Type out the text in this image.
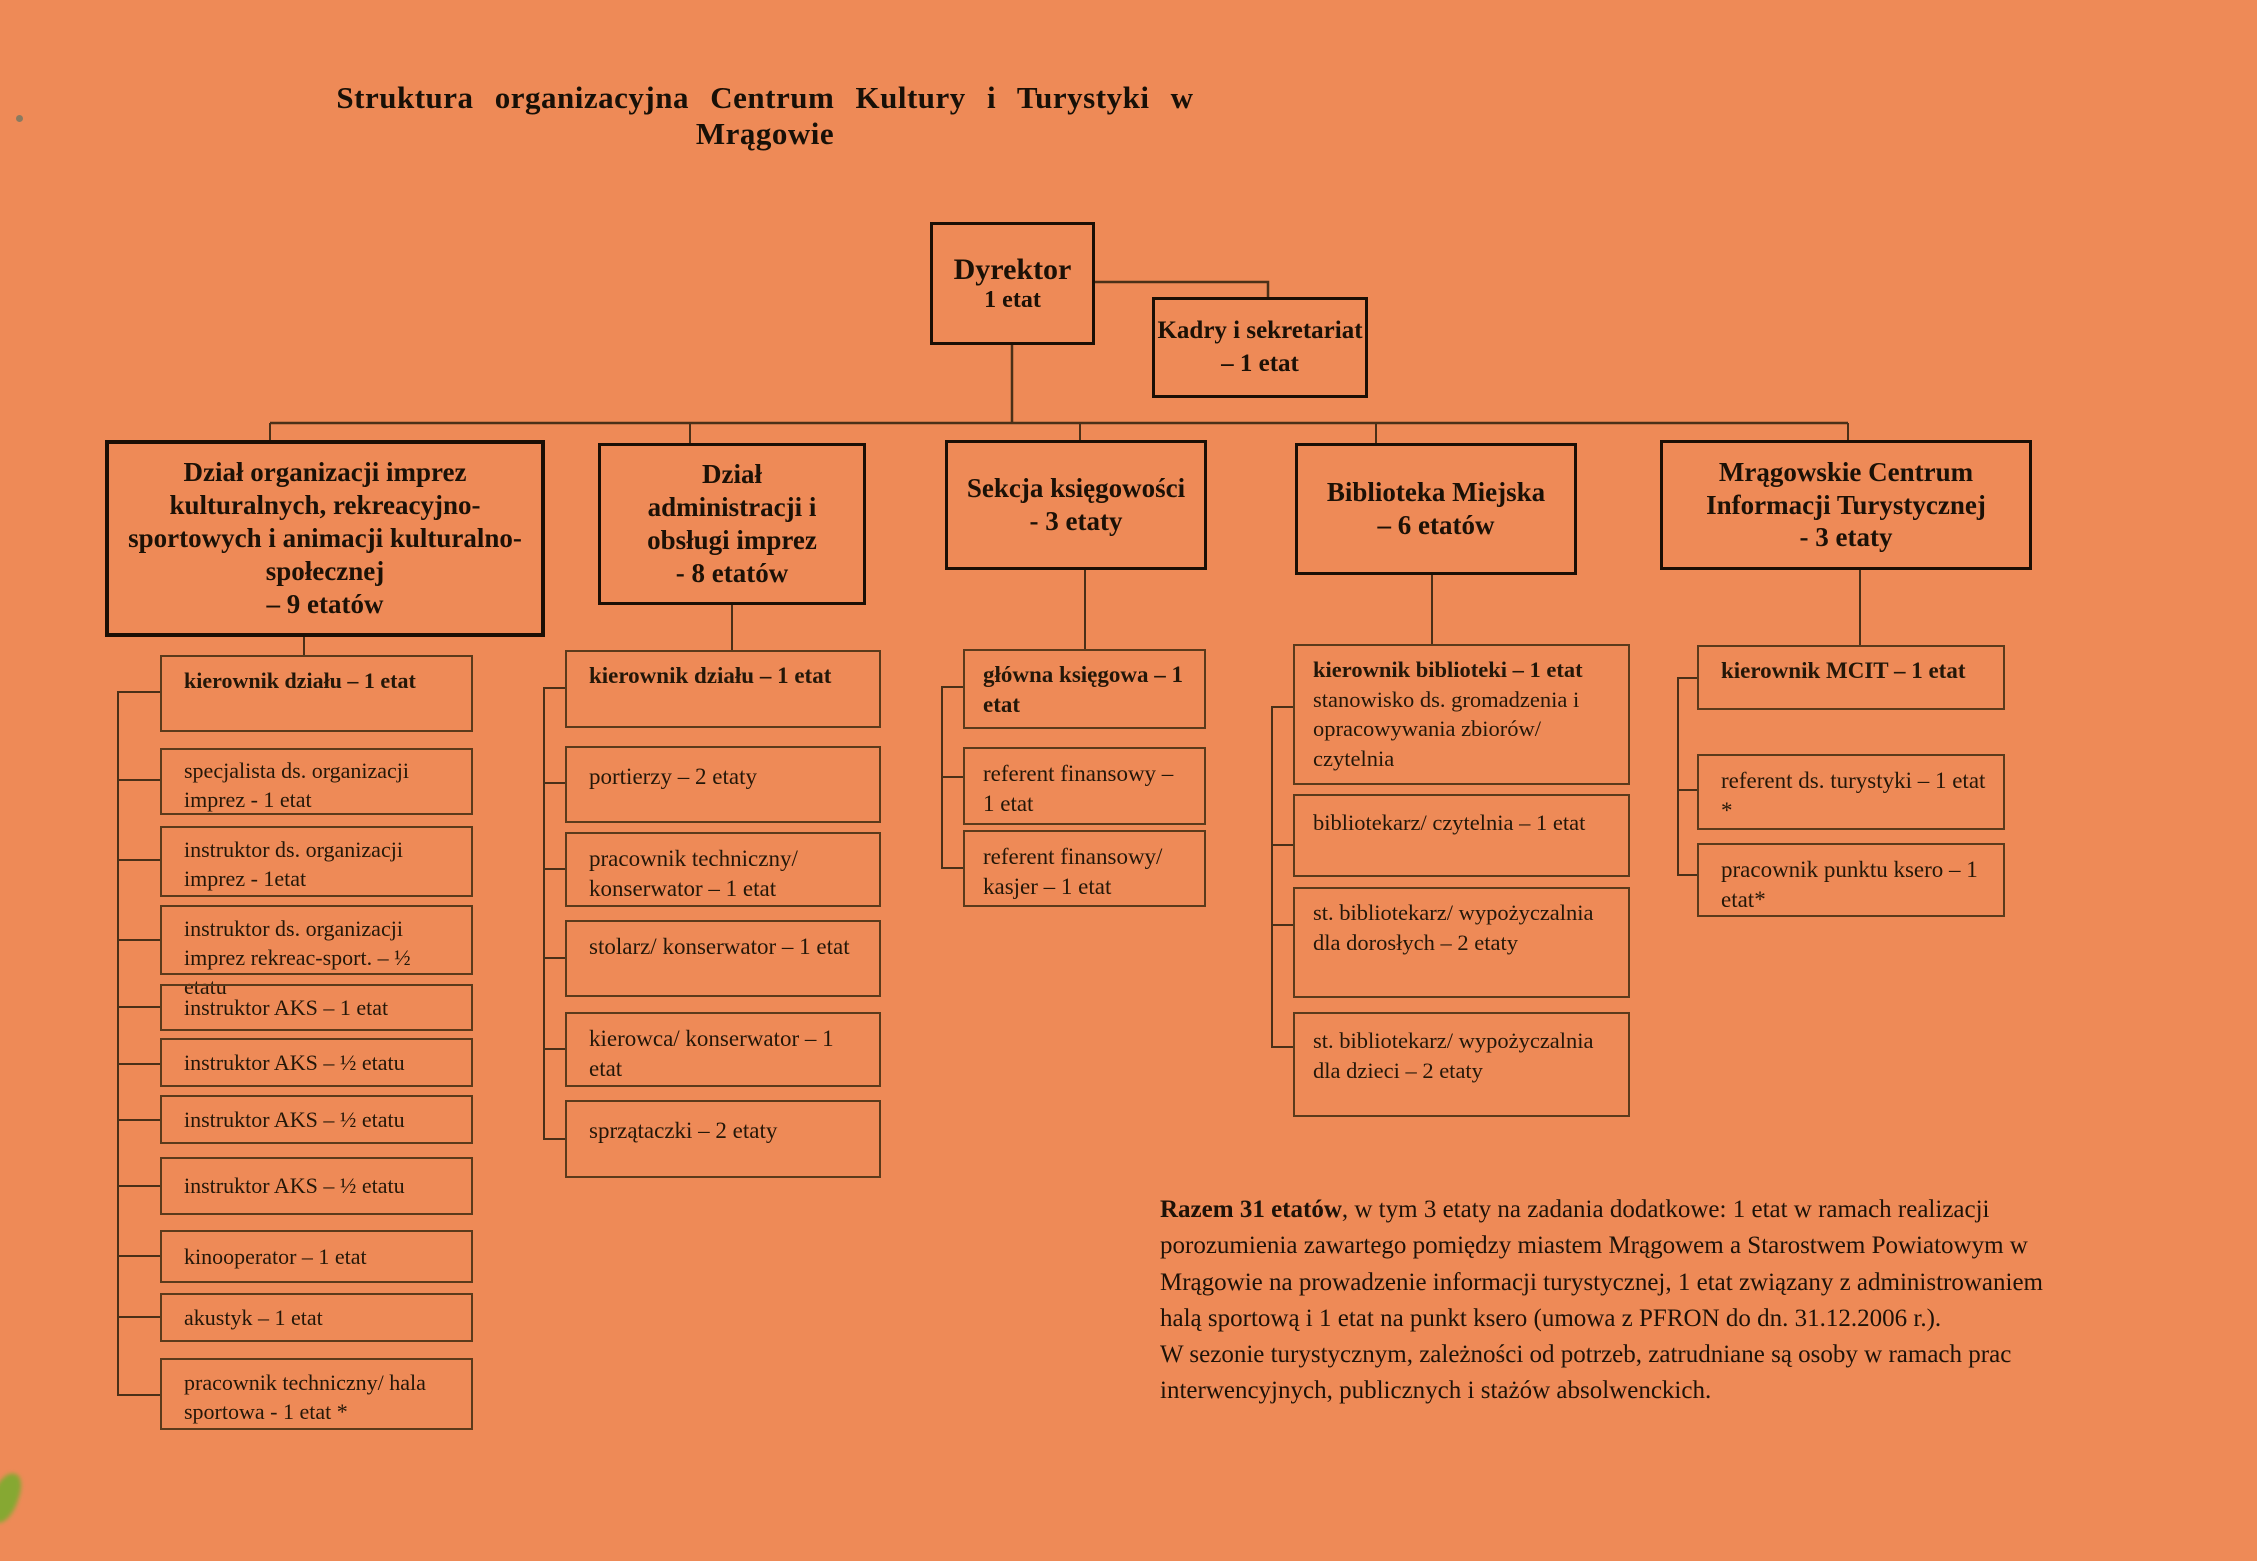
Struktura organizacyjna Centrum Kultury i Turystyki w Mrągowie
Dyrektor
1 etat
Kadry i sekretariat
– 1 etat
Dział organizacji imprez kulturalnych, rekreacyjno-sportowych i animacji kulturalno-społecznej
– 9 etatów
Dział administracji i obsługi imprez
- 8 etatów
Sekcja księgowości
- 3 etaty
Biblioteka Miejska
– 6 etatów
Mrągowskie Centrum Informacji Turystycznej
- 3 etaty
kierownik działu – 1 etat
specjalista ds. organizacji imprez - 1 etat
instruktor ds. organizacji imprez - 1etat
instruktor ds. organizacji imprez rekreac-sport. – ½ etatu
instruktor AKS – 1 etat
instruktor AKS – ½ etatu
instruktor AKS – ½ etatu
instruktor AKS – ½ etatu
kinooperator – 1 etat
akustyk – 1 etat
pracownik techniczny/ hala sportowa - 1 etat *
kierownik działu – 1 etat
portierzy – 2 etaty
pracownik techniczny/ konserwator – 1 etat
stolarz/ konserwator – 1 etat
kierowca/ konserwator – 1 etat
sprzątaczki – 2 etaty
główna księgowa – 1 etat
referent finansowy – 1 etat
referent finansowy/ kasjer – 1 etat
kierownik biblioteki – 1 etat stanowisko ds. gromadzenia i opracowywania zbiorów/ czytelnia
bibliotekarz/ czytelnia – 1 etat
st. bibliotekarz/ wypożyczalnia dla dorosłych – 2 etaty
st. bibliotekarz/ wypożyczalnia dla dzieci – 2 etaty
kierownik MCIT – 1 etat
referent ds. turystyki – 1 etat *
pracownik punktu ksero – 1 etat*
Razem 31 etatów, w tym 3 etaty na zadania dodatkowe: 1 etat w ramach realizacji porozumienia zawartego pomiędzy miastem Mrągowem a Starostwem Powiatowym w Mrągowie na prowadzenie informacji turystycznej, 1 etat związany z administrowaniem halą sportową i 1 etat na punkt ksero (umowa z PFRON do dn. 31.12.2006 r.).
W sezonie turystycznym, zależności od potrzeb, zatrudniane są osoby w ramach prac interwencyjnych, publicznych i stażów absolwenckich.
